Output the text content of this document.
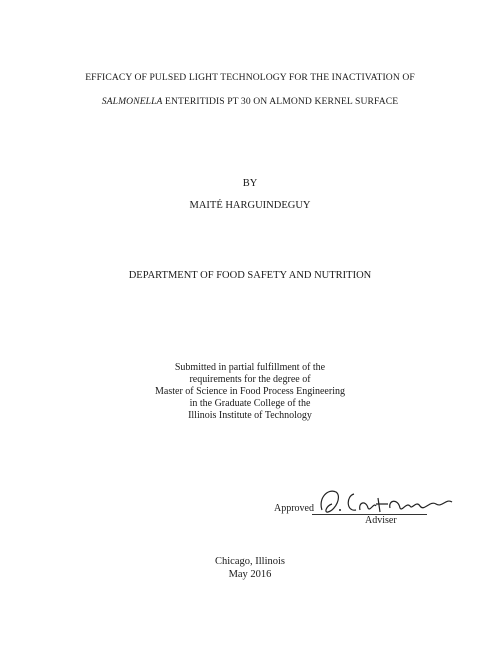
EFFICACY OF PULSED LIGHT TECHNOLOGY FOR THE INACTIVATION OF
SALMONELLA ENTERITIDIS PT 30 ON ALMOND KERNEL SURFACE
BY
MAITÉ HARGUINDEGUY
DEPARTMENT OF FOOD SAFETY AND NUTRITION
Submitted in partial fulfillment of the
requirements for the degree of
Master of Science in Food Process Engineering
in the Graduate College of the
Illinois Institute of Technology
Approved
Adviser
Chicago, Illinois
May 2016
